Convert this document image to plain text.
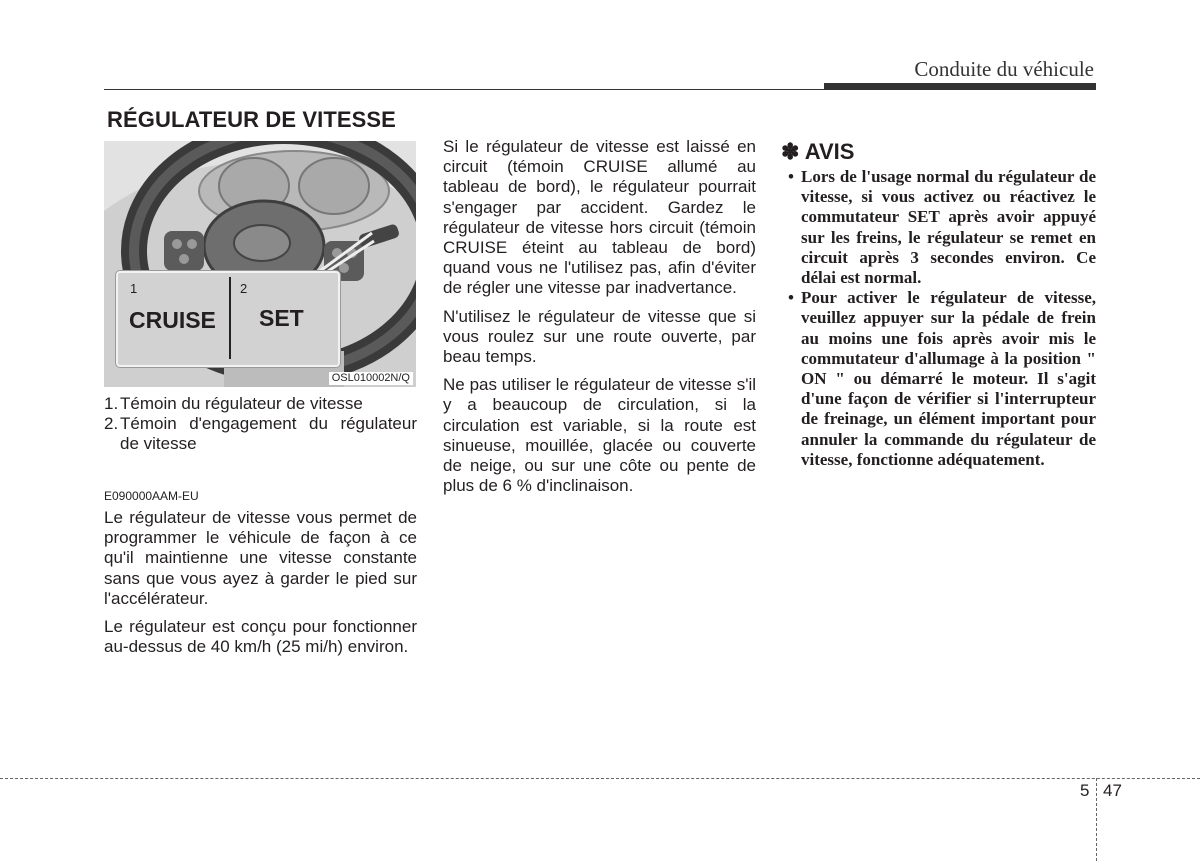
Conduite du véhicule
RÉGULATEUR DE VITESSE
1	2
CRUISE SET
OSL010002N/Q
1. Témoin du régulateur de vitesse
2. Témoin d'engagement du régulateur de vitesse
E090000AAM-EU

Le régulateur de vitesse vous permet de programmer le véhicule de façon à ce qu'il maintienne une vitesse constante sans que vous ayez à garder le pied sur l'accélérateur.

Le régulateur est conçu pour fonctionner au-dessus de 40 km/h (25 mi/h) environ.

Si le régulateur de vitesse est laissé en circuit (témoin CRUISE allumé au tableau de bord), le régulateur pourrait s'engager par accident. Gardez le régulateur de vitesse hors circuit (témoin CRUISE éteint au tableau de bord) quand vous ne l'utilisez pas, afin d'éviter de régler une vitesse par inadvertance.

N'utilisez le régulateur de vitesse que si vous roulez sur une route ouverte, par beau temps.

Ne pas utiliser le régulateur de vitesse s'il y a beaucoup de circulation, si la circulation est variable, si la route est sinueuse, mouillée, glacée ou couverte de neige, ou sur une côte ou pente de plus de 6 % d'inclinaison.

✽ AVIS
• Lors de l'usage normal du régulateur de vitesse, si vous activez ou réactivez le commutateur SET après avoir appuyé sur les freins, le régulateur se remet en circuit après 3 secondes environ. Ce délai est normal.
• Pour activer le régulateur de vitesse, veuillez appuyer sur la pédale de frein au moins une fois après avoir mis le commutateur d'allumage à la position " ON " ou démarré le moteur. Il s'agit d'une façon de vérifier si l'interrupteur de freinage, un élément important pour annuler la commande du régulateur de vitesse, fonctionne adéquatement.
5 47
